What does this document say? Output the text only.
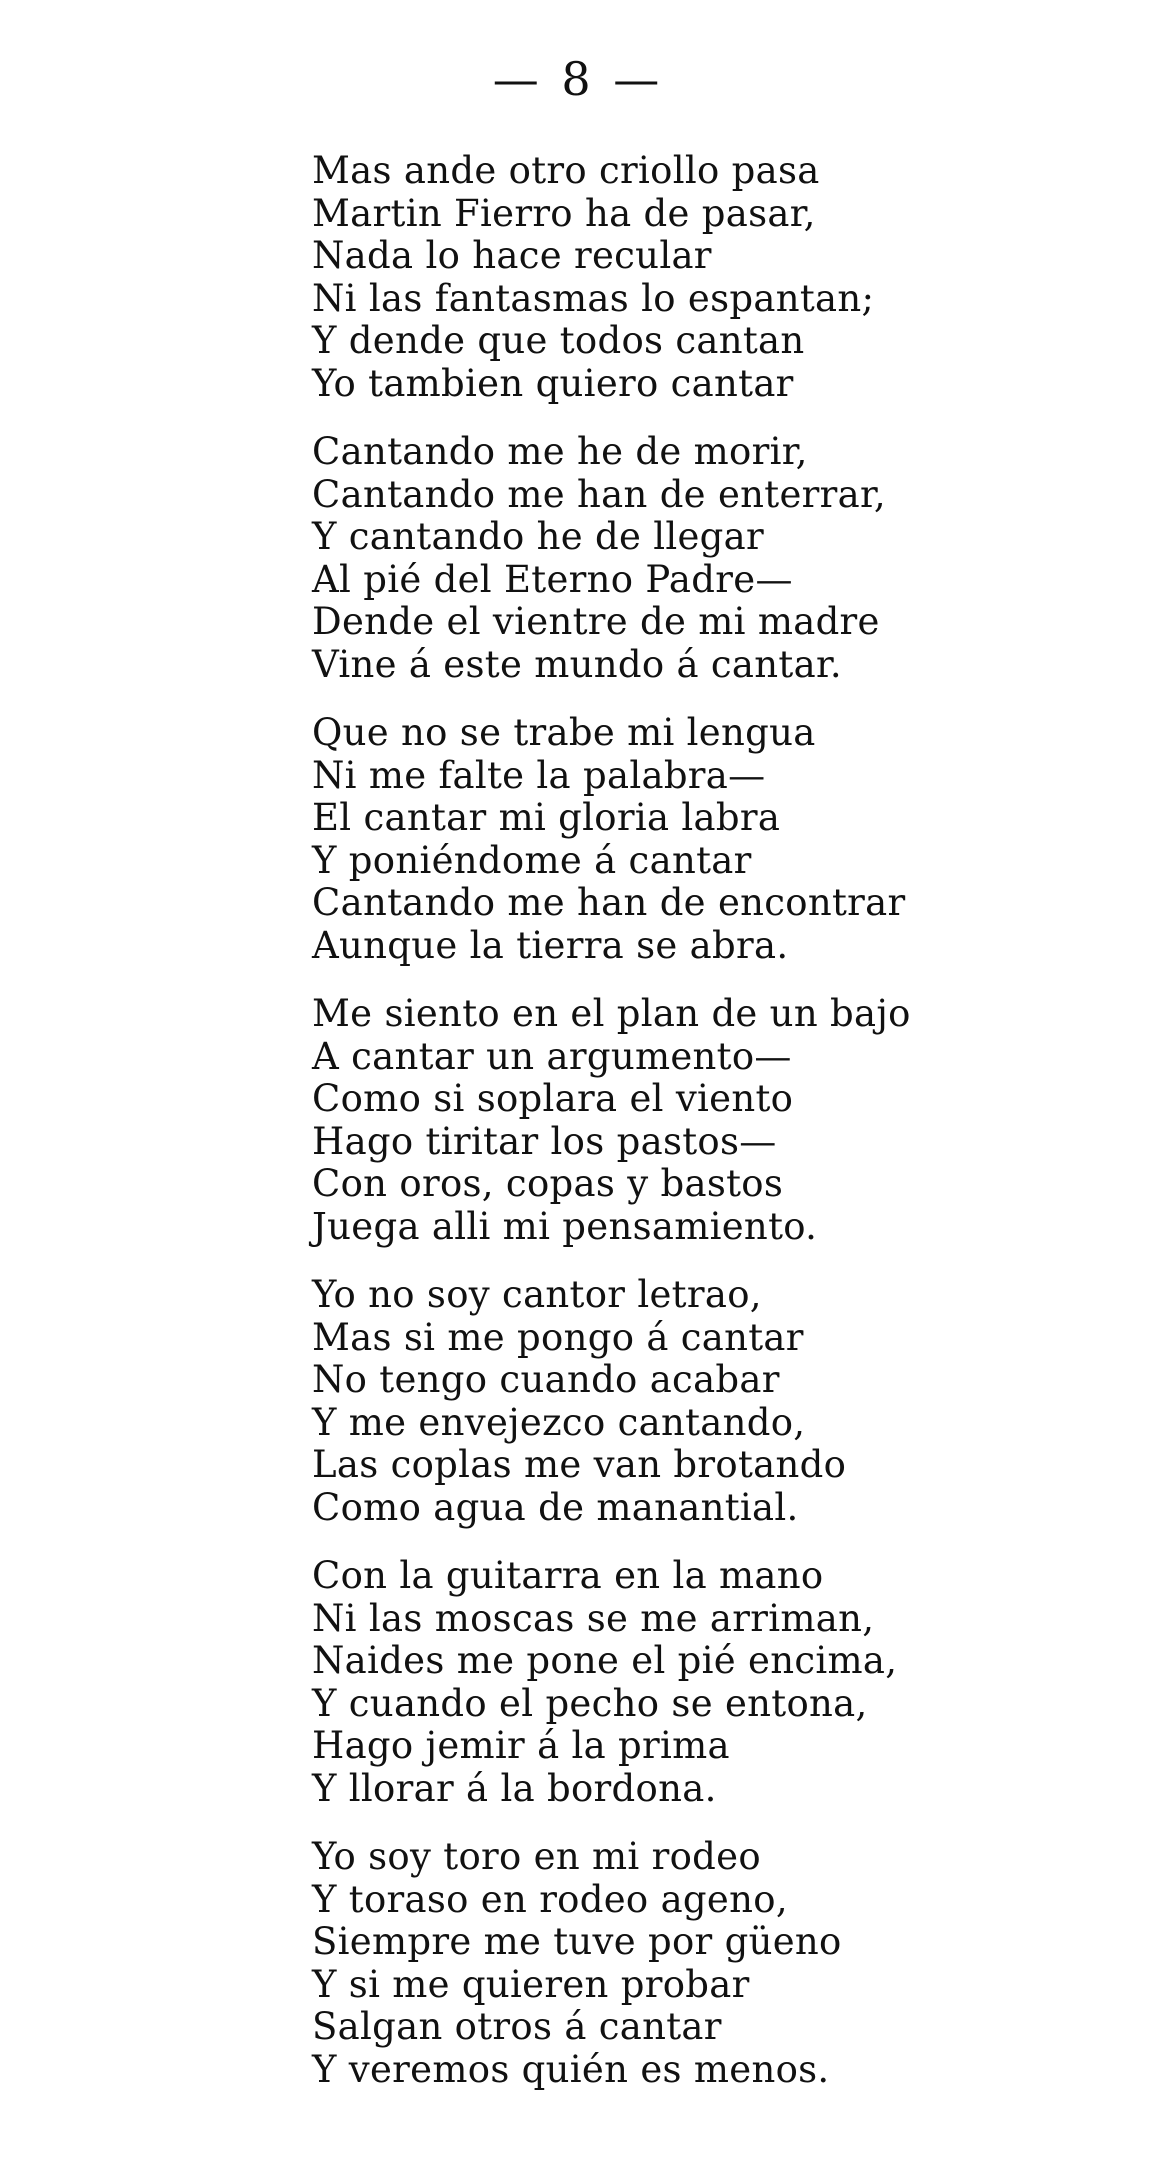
— 8 —
Mas ande otro criollo pasa
Martin Fierro ha de pasar,
Nada lo hace recular
Ni las fantasmas lo espantan;
Y dende que todos cantan
Yo tambien quiero cantar
Cantando me he de morir,
Cantando me han de enterrar,
Y cantando he de llegar
Al pié del Eterno Padre—
Dende el vientre de mi madre
Vine á este mundo á cantar.
Que no se trabe mi lengua
Ni me falte la palabra—
El cantar mi gloria labra
Y poniéndome á cantar
Cantando me han de encontrar
Aunque la tierra se abra.
Me siento en el plan de un bajo
A cantar un argumento—
Como si soplara el viento
Hago tiritar los pastos—
Con oros, copas y bastos
Juega alli mi pensamiento.
Yo no soy cantor letrao,
Mas si me pongo á cantar
No tengo cuando acabar
Y me envejezco cantando,
Las coplas me van brotando
Como agua de manantial.
Con la guitarra en la mano
Ni las moscas se me arriman,
Naides me pone el pié encima,
Y cuando el pecho se entona,
Hago jemir á la prima
Y llorar á la bordona.
Yo soy toro en mi rodeo
Y toraso en rodeo ageno,
Siempre me tuve por güeno
Y si me quieren probar
Salgan otros á cantar
Y veremos quién es menos.
